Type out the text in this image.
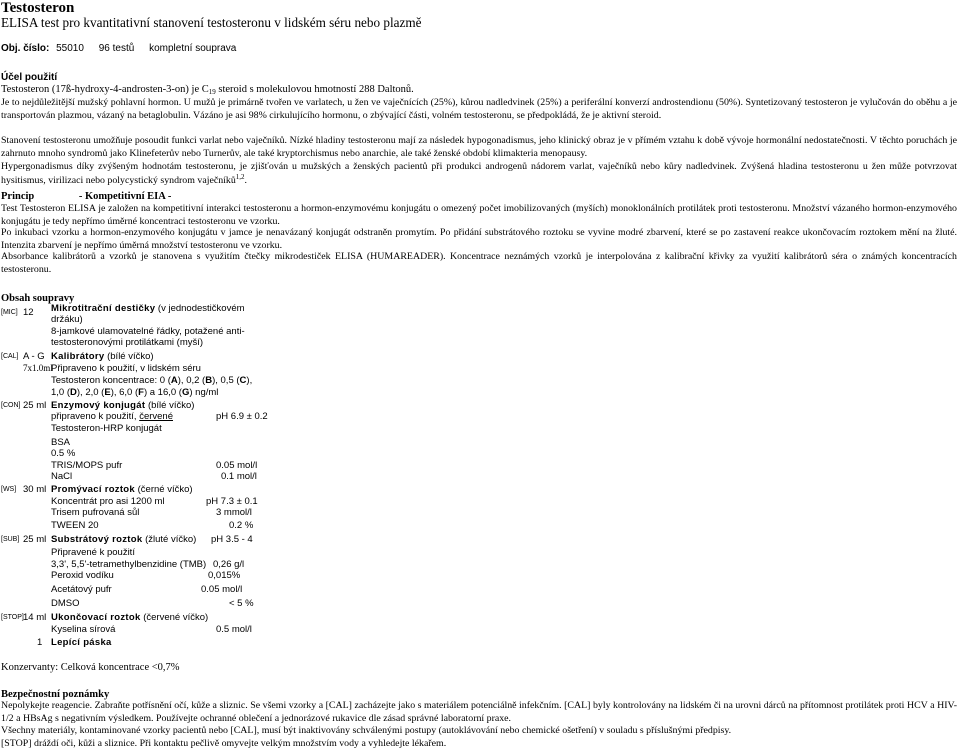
Testosteron
ELISA test pro kvantitativní stanovení testosteronu v lidském séru nebo plazmě
Obj. číslo: 55010 96 testů kompletní souprava
Účel použití
Testosteron (17ß-hydroxy-4-androsten-3-on) je $C_{19}$ steroid s molekulovou hmotností 288 Daltonů.
Je to nejdůležitější mužský pohlavní hormon. U mužů je primárně tvořen ve varlatech, u žen ve vaječnících (25%), kůrou nadledvinek (25%) a periferální konverzí androstendionu (50%). Syntetizovaný testosteron je vylučován do oběhu a je transportován plazmou, vázaný na betaglobulin. Vázáno je asi 98% cirkulujícího hormonu, o zbývající části, volném testosteronu, se předpokládá, že je aktivní steroid.
Stanovení testosteronu umožňuje posoudit funkci varlat nebo vaječníků. Nízké hladiny testosteronu mají za následek hypogonadismus, jeho klinický obraz je v přímém vztahu k době vývoje hormonální nedostatečnosti. V těchto poruchách je zahrnuto mnoho syndromů jako Klinefeterův nebo Turnerův, ale také kryptorchismus nebo anarchie, ale také ženské období klimakteria menopausy.
Hypergonadismus díky zvýšeným hodnotám testosteronu, je zjišťován u mužských a ženských pacientů při produkci androgenů nádorem varlat, vaječníků nebo kůry nadledvinek. Zvýšená hladina testosteronu u žen může potvrzovat hysitismus, virilizaci nebo polycystický syndrom vaječníků$^{1,2}$.
Princip	- Kompetitivní EIA -
Test Testosteron ELISA je založen na kompetitivní interakci testosteronu a hormon-enzymovému konjugátu o omezený počet imobilizovaných (myších) monoklonálních protilátek proti testosteronu. Množství vázaného hormon-enzymového konjugátu je tedy nepřímo úměrné koncentraci testosteronu ve vzorku.
Po inkubaci vzorku a hormon-enzymového konjugátu v jamce je nenavázaný konjugát odstraněn promytím. Po přidání substrátového roztoku se vyvine modré zbarvení, které se po zastavení reakce ukončovacím roztokem mění na žluté. Intenzita zbarvení je nepřímo úměrná množství testosteronu ve vzorku.
Absorbance kalibrátorů a vzorků je stanovena s využitím čtečky mikrodestiček ELISA (HUMAREADER). Koncentrace neznámých vzorků je interpolována z kalibrační křivky za využití kalibrátorů séra o známých koncentracích testosteronu.
Obsah soupravy
[MIC] 12 Mikrotitrační destičky (v jednodestičkovém
držáku)
8-jamkové ulamovatelné řádky, potažené anti-
testosteronovými protilátkami (myší)
[CAL] A - G Kalibrátory (bílé víčko)
7x1.0ml
Připraveno k použití, v lidském séru
Testosteron koncentrace: 0 (A), 0,2 (B), 0,5 (C),
1,0 (D), 2,0 (E), 6,0 (F) a 16,0 (G) ng/ml
[CON] 25 ml Enzymový konjugát (bílé víčko)
připraveno k použití, červené	pH 6.9 ± 0.2
Testosteron-HRP konjugát
BSA
0.5 %
TRIS/MOPS pufr	0.05 mol/l
NaCl	0.1 mol/l
[WS] 30 ml Promývací roztok (černé víčko)
Koncentrát pro asi 1200 ml	pH 7.3 ± 0.1
Trisem pufrovaná sůl	3 mmol/l
TWEEN 20	0.2 %
[SUB] 25 ml Substrátový roztok (žluté víčko) pH 3.5 - 4
Připravené k použití
3,3', 5,5'-tetramethylbenzidine (TMB) 0,26 g/l
Peroxid vodíku	0,015%
Acetátový pufr	0.05 mol/l
DMSO	< 5 %
[STOP] 14 ml Ukončovací roztok (červené víčko)
Kyselina sírová	0.5 mol/l
1 Lepící páska
Konzervanty: Celková koncentrace <0,7%
Bezpečnostní poznámky
Nepolykejte reagencie. Zabraňte potřísnění očí, kůže a sliznic. Se všemi vzorky a [CAL] zacházejte jako s materiálem potenciálně infekčním. [CAL] byly kontrolovány na lidském či na urovni dárců na přítomnost protilátek proti HCV a HIV-1/2 a HBsAg s negativním výsledkem. Používejte ochranné oblečení a jednorázové rukavice dle zásad správné laboratorní praxe.
Všechny materiály, kontaminované vzorky pacientů nebo [CAL], musí být inaktivovány schválenými postupy (autoklávování nebo chemické ošetření) v souladu s příslušnými předpisy.
[STOP] dráždí oči, kůži a sliznice. Při kontaktu pečlivě omyvejte velkým množstvím vody a vyhledejte lékařem.
